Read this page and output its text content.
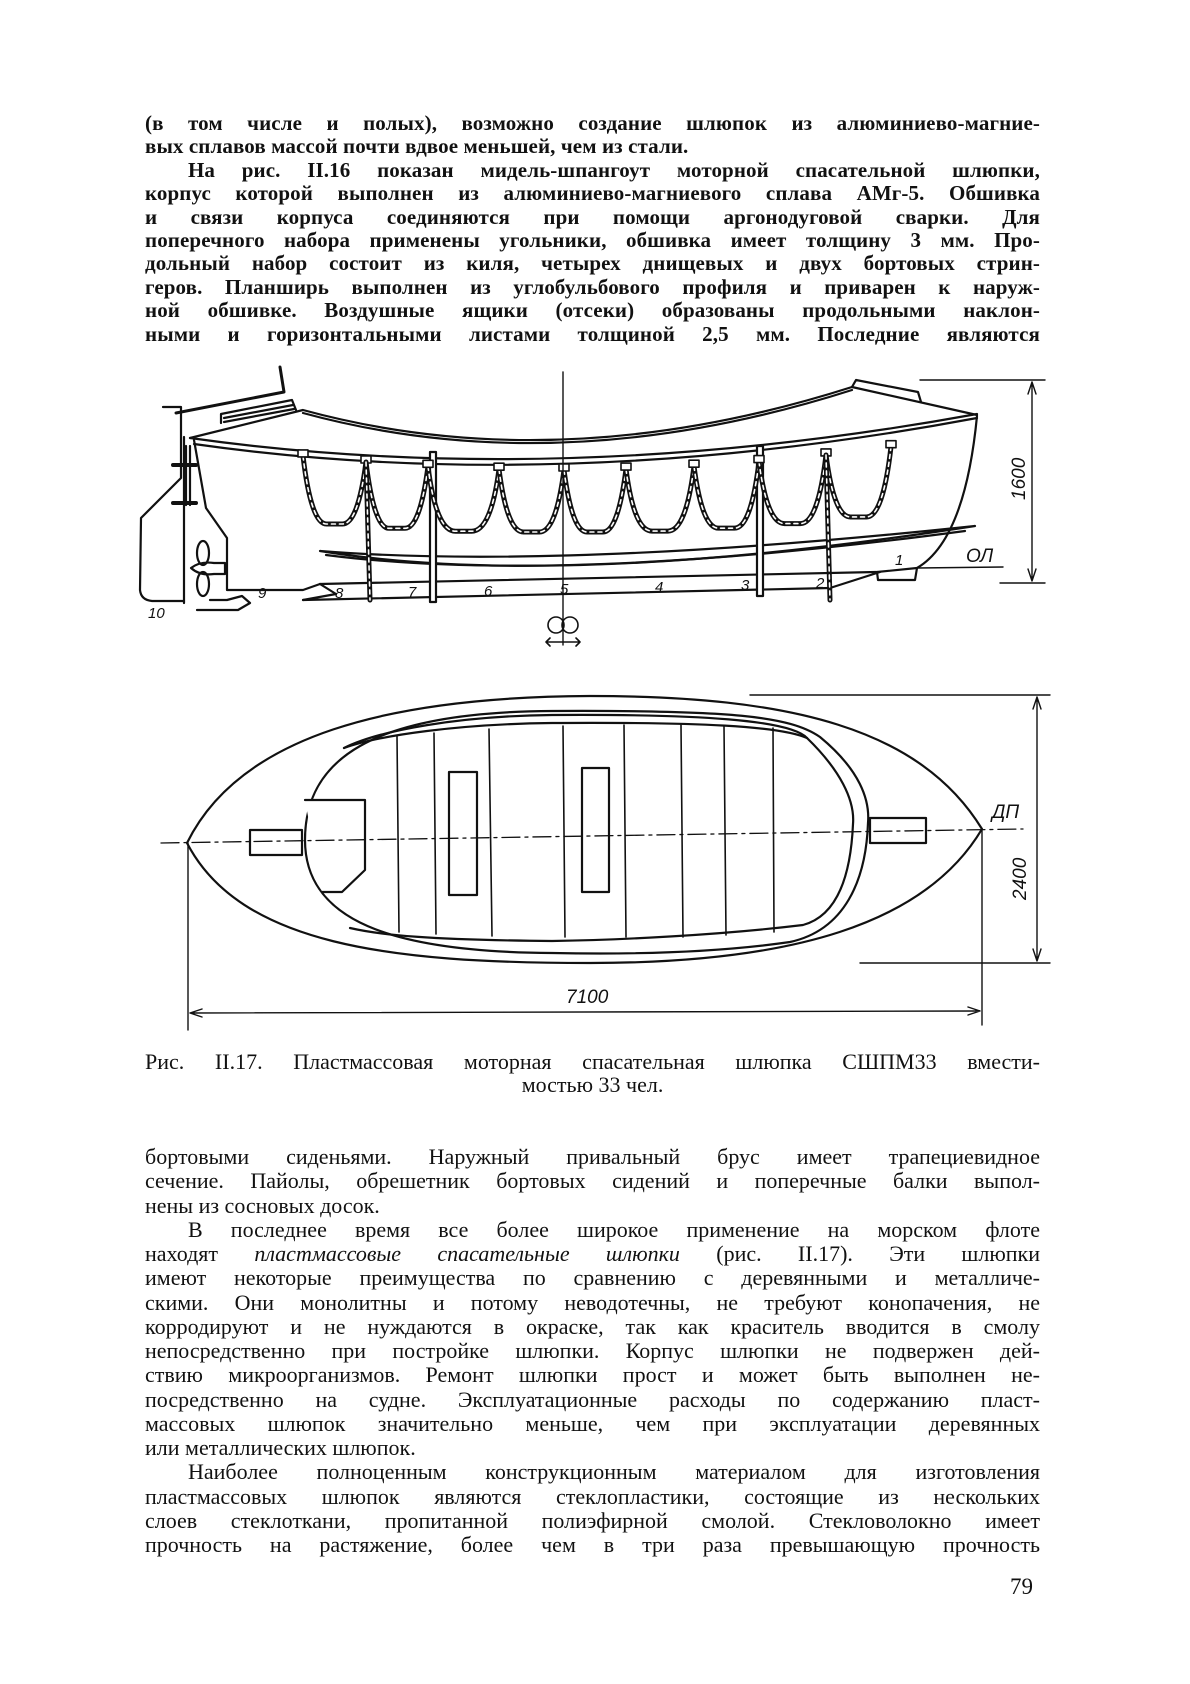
(в том числе и полых), возможно создание шлюпок из алюминиево-магние-
вых сплавов массой почти вдвое меньшей, чем из стали.
На рис. II.16 показан мидель-шпангоут моторной спасательной шлюпки,
корпус которой выполнен из алюминиево-магниевого сплава АМг-5. Обшивка
и связи корпуса соединяются при помощи аргонодуговой сварки. Для
поперечного набора применены угольники, обшивка имеет толщину 3 мм. Про-
дольный набор состоит из киля, четырех днищевых и двух бортовых стрин-
геров. Планширь выполнен из углобульбового профиля и приварен к наруж-
ной обшивке. Воздушные ящики (отсеки) образованы продольными наклон-
ными и горизонтальными листами толщиной 2,5 мм. Последние являются
10
9	8	7	6	5	4	3	2
1	ОЛ
1600
ДП
2400
7100
Рис. II.17. Пластмассовая моторная спасательная шлюпка СШПМ33 вмести-
мостью 33 чел.
бортовыми сиденьями. Наружный привальный брус имеет трапециевидное
сечение. Пайолы, обрешетник бортовых сидений и поперечные балки выпол-
нены из сосновых досок.
В последнее время все более широкое применение на морском флоте
находят пластмассовые спасательные шлюпки (рис. II.17). Эти шлюпки
имеют некоторые преимущества по сравнению с деревянными и металличе-
скими. Они монолитны и потому неводотечны, не требуют конопачения, не
корродируют и не нуждаются в окраске, так как краситель вводится в смолу
непосредственно при постройке шлюпки. Корпус шлюпки не подвержен дей-
ствию микроорганизмов. Ремонт шлюпки прост и может быть выполнен не-
посредственно на судне. Эксплуатационные расходы по содержанию пласт-
массовых шлюпок значительно меньше, чем при эксплуатации деревянных
или металлических шлюпок.
Наиболее полноценным конструкционным материалом для изготовления
пластмассовых шлюпок являются стеклопластики, состоящие из нескольких
слоев стеклоткани, пропитанной полиэфирной смолой. Стекловолокно имеет
прочность на растяжение, более чем в три раза превышающую прочность
79
